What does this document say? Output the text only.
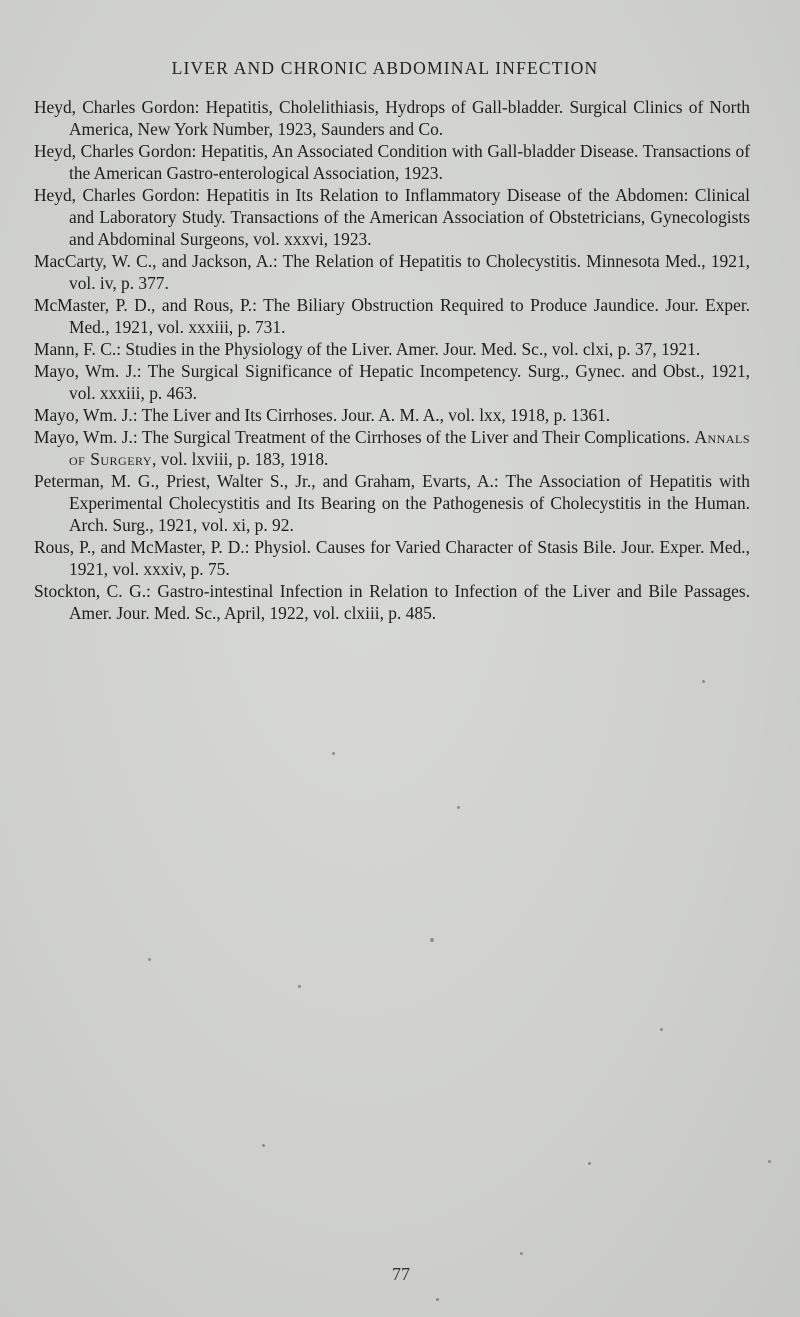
LIVER AND CHRONIC ABDOMINAL INFECTION
Heyd, Charles Gordon: Hepatitis, Cholelithiasis, Hydrops of Gall-bladder. Surgical Clinics of North America, New York Number, 1923, Saunders and Co.
Heyd, Charles Gordon: Hepatitis, An Associated Condition with Gall-bladder Disease. Transactions of the American Gastro-enterological Association, 1923.
Heyd, Charles Gordon: Hepatitis in Its Relation to Inflammatory Disease of the Abdomen: Clinical and Laboratory Study. Transactions of the American Association of Obstetricians, Gynecologists and Abdominal Surgeons, vol. xxxvi, 1923.
MacCarty, W. C., and Jackson, A.: The Relation of Hepatitis to Cholecystitis. Minnesota Med., 1921, vol. iv, p. 377.
McMaster, P. D., and Rous, P.: The Biliary Obstruction Required to Produce Jaundice. Jour. Exper. Med., 1921, vol. xxxiii, p. 731.
Mann, F. C.: Studies in the Physiology of the Liver. Amer. Jour. Med. Sc., vol. clxi, p. 37, 1921.
Mayo, Wm. J.: The Surgical Significance of Hepatic Incompetency. Surg., Gynec. and Obst., 1921, vol. xxxiii, p. 463.
Mayo, Wm. J.: The Liver and Its Cirrhoses. Jour. A. M. A., vol. lxx, 1918, p. 1361.
Mayo, Wm. J.: The Surgical Treatment of the Cirrhoses of the Liver and Their Complications. Annals of Surgery, vol. lxviii, p. 183, 1918.
Peterman, M. G., Priest, Walter S., Jr., and Graham, Evarts, A.: The Association of Hepatitis with Experimental Cholecystitis and Its Bearing on the Pathogenesis of Cholecystitis in the Human. Arch. Surg., 1921, vol. xi, p. 92.
Rous, P., and McMaster, P. D.: Physiol. Causes for Varied Character of Stasis Bile. Jour. Exper. Med., 1921, vol. xxxiv, p. 75.
Stockton, C. G.: Gastro-intestinal Infection in Relation to Infection of the Liver and Bile Passages. Amer. Jour. Med. Sc., April, 1922, vol. clxiii, p. 485.
77
